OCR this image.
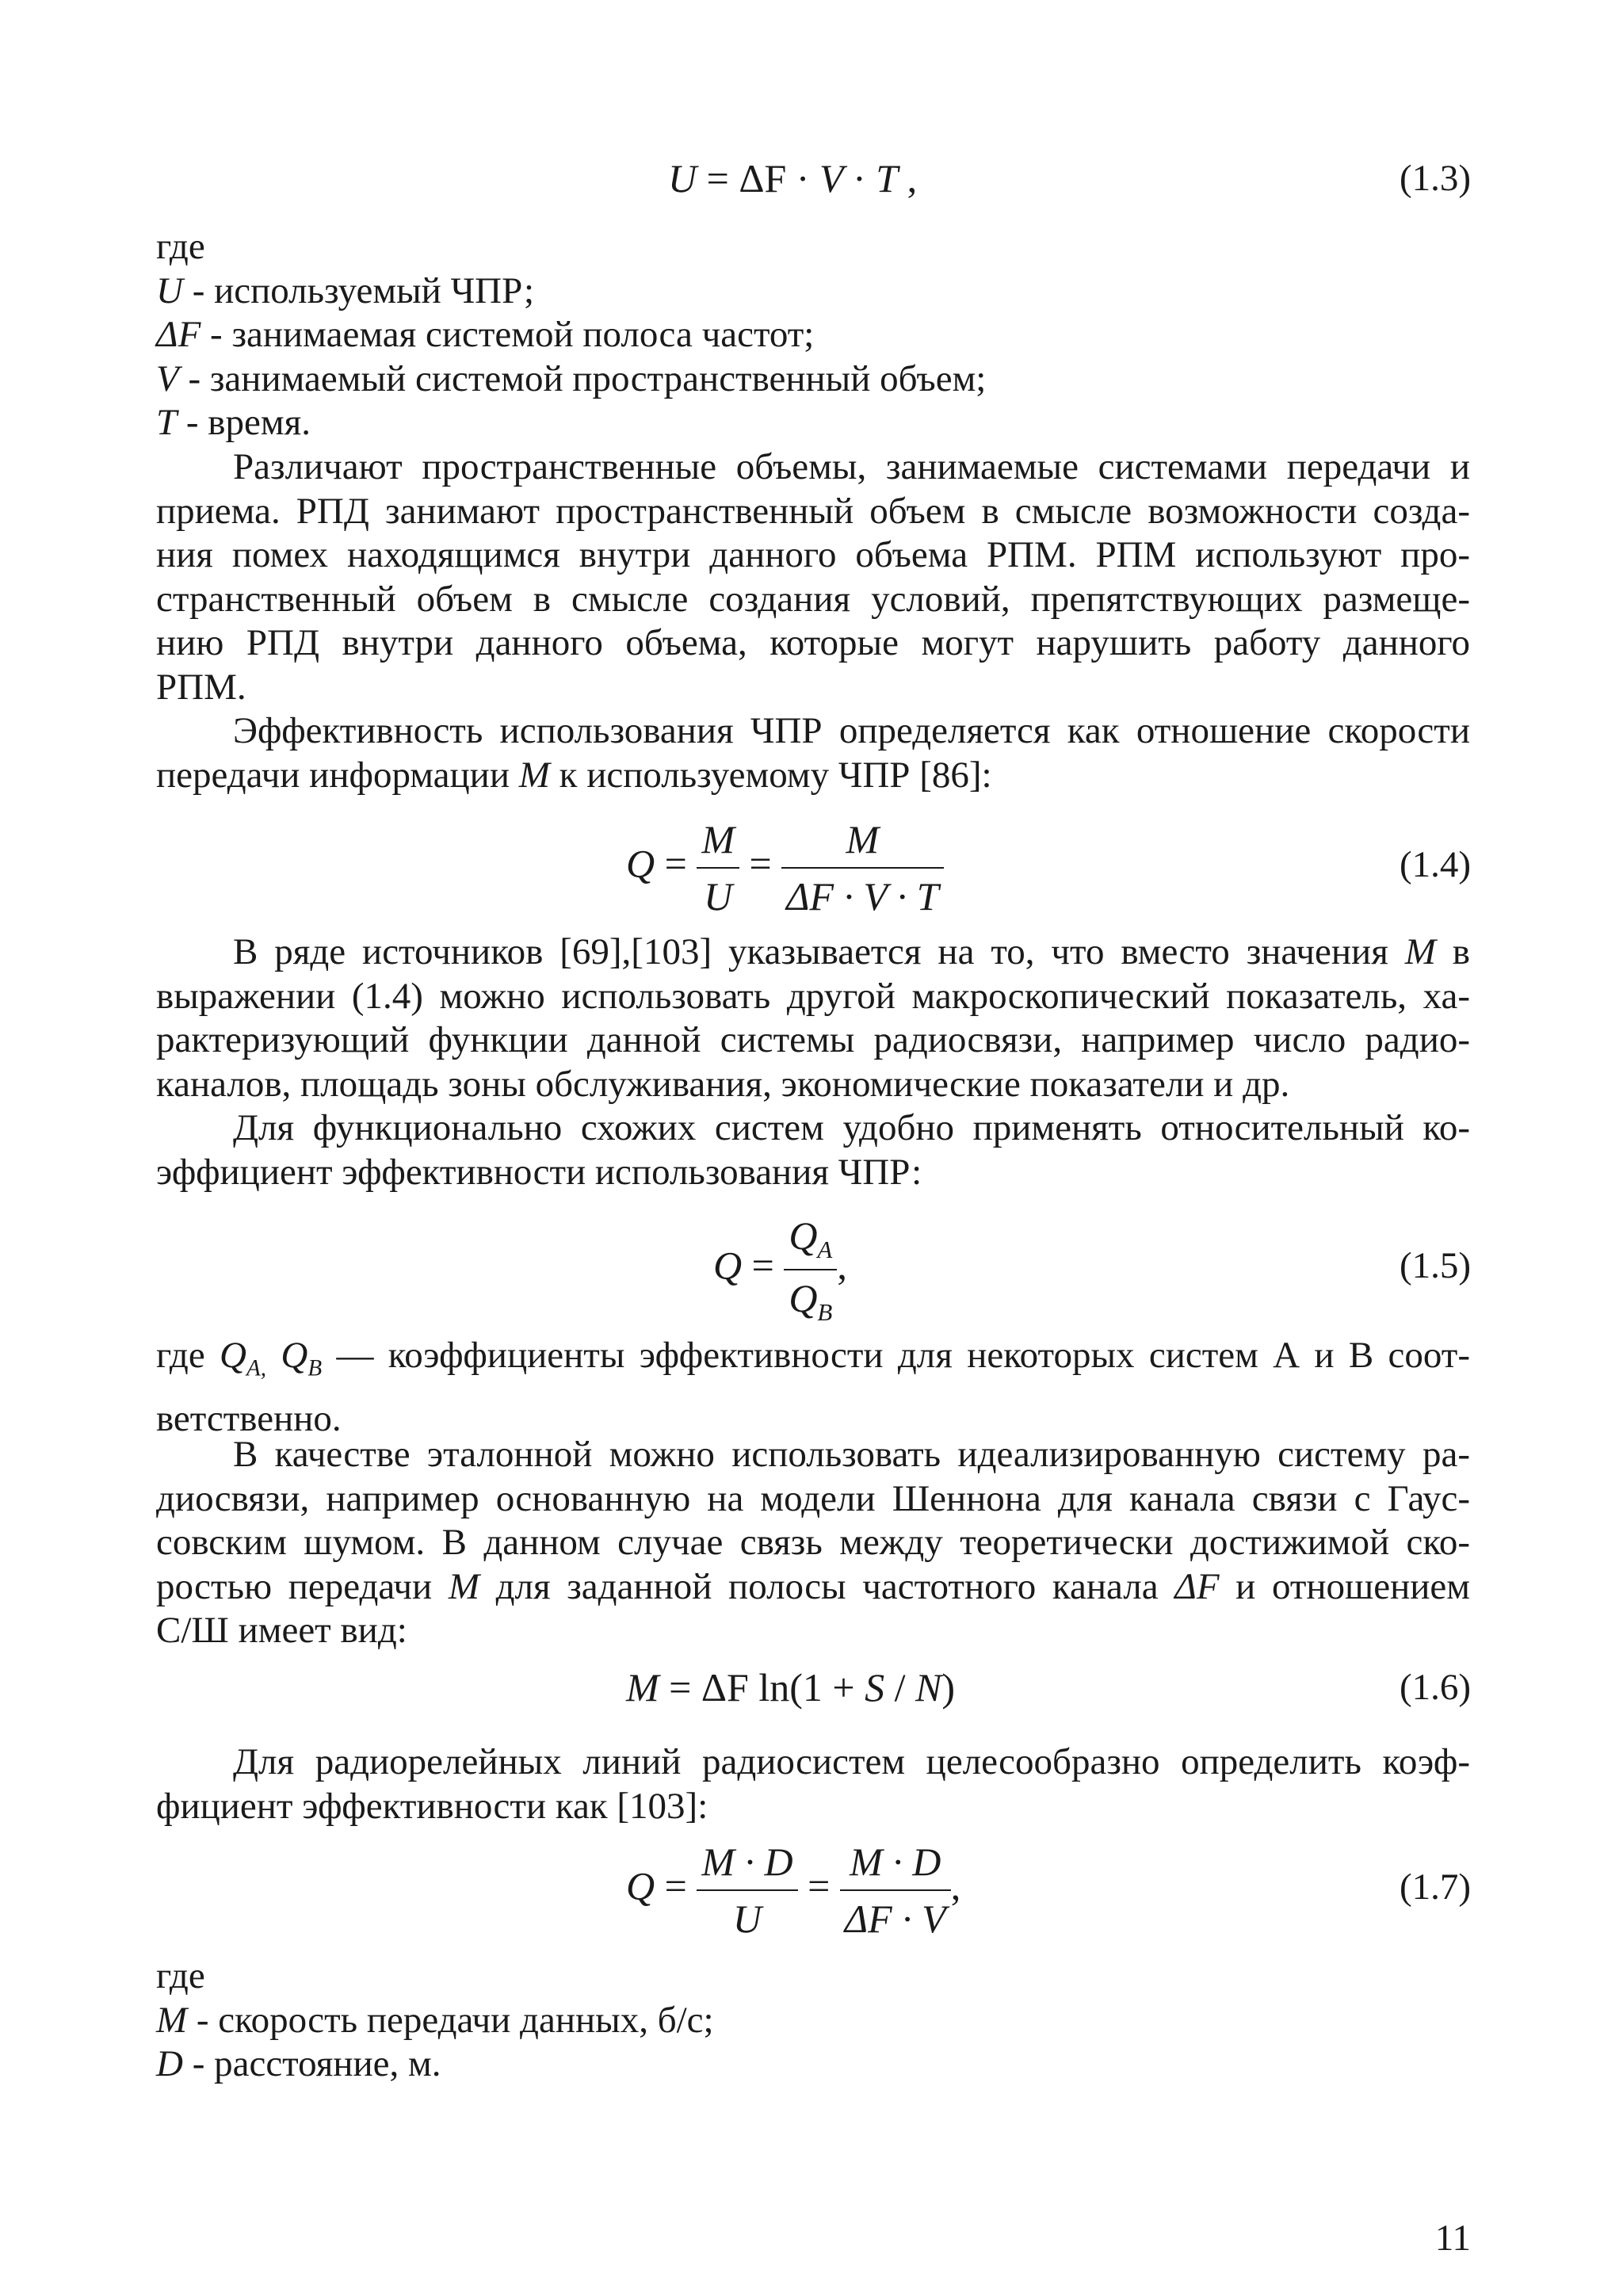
U = ΔF · V · T ,	(1.3)
где
U - используемый ЧПР;
ΔF - занимаемая системой полоса частот;
V - занимаемый системой пространственный объем;
T - время.
Различают пространственные объемы, занимаемые системами передачи и
приема. РПД занимают пространственный объем в смысле возможности созда-
ния помех находящимся внутри данного объема РПМ. РПМ используют про-
странственный объем в смысле создания условий, препятствующих размеще-
нию РПД внутри данного объема, которые могут нарушить работу данного
РПМ.
Эффективность использования ЧПР определяется как отношение скорости
передачи информации M к используемому ЧПР [86]:
$Q = \frac{M}{U} = \frac{M}{\Delta F \cdot V \cdot T}$	(1.4)
В ряде источников [69],[103] указывается на то, что вместо значения M в
выражении (1.4) можно использовать другой макроскопический показатель, ха-
рактеризующий функции данной системы радиосвязи, например число радио-
каналов, площадь зоны обслуживания, экономические показатели и др.
Для функционально схожих систем удобно применять относительный ко-
эффициент эффективности использования ЧПР:
$Q = \frac{Q_A}{Q_B}$ ,	(1.5)
где $Q_{A,}$ $Q_B$ — коэффициенты эффективности для некоторых систем А и В соот-
ветственно.
В качестве эталонной можно использовать идеализированную систему ра-
диосвязи, например основанную на модели Шеннона для канала связи с Гаус-
совским шумом. В данном случае связь между теоретически достижимой ско-
ростью передачи M для заданной полосы частотного канала ΔF и отношением
С/Ш имеет вид:
M = ΔF ln(1 + S / N)	(1.6)
Для радиорелейных линий радиосистем целесообразно определить коэф-
фициент эффективности как [103]:
$Q = \frac{M \cdot D}{U} = \frac{M \cdot D}{\Delta F \cdot V}$ ,	(1.7)
где
M - скорость передачи данных, б/с;
D - расстояние, м.
11
